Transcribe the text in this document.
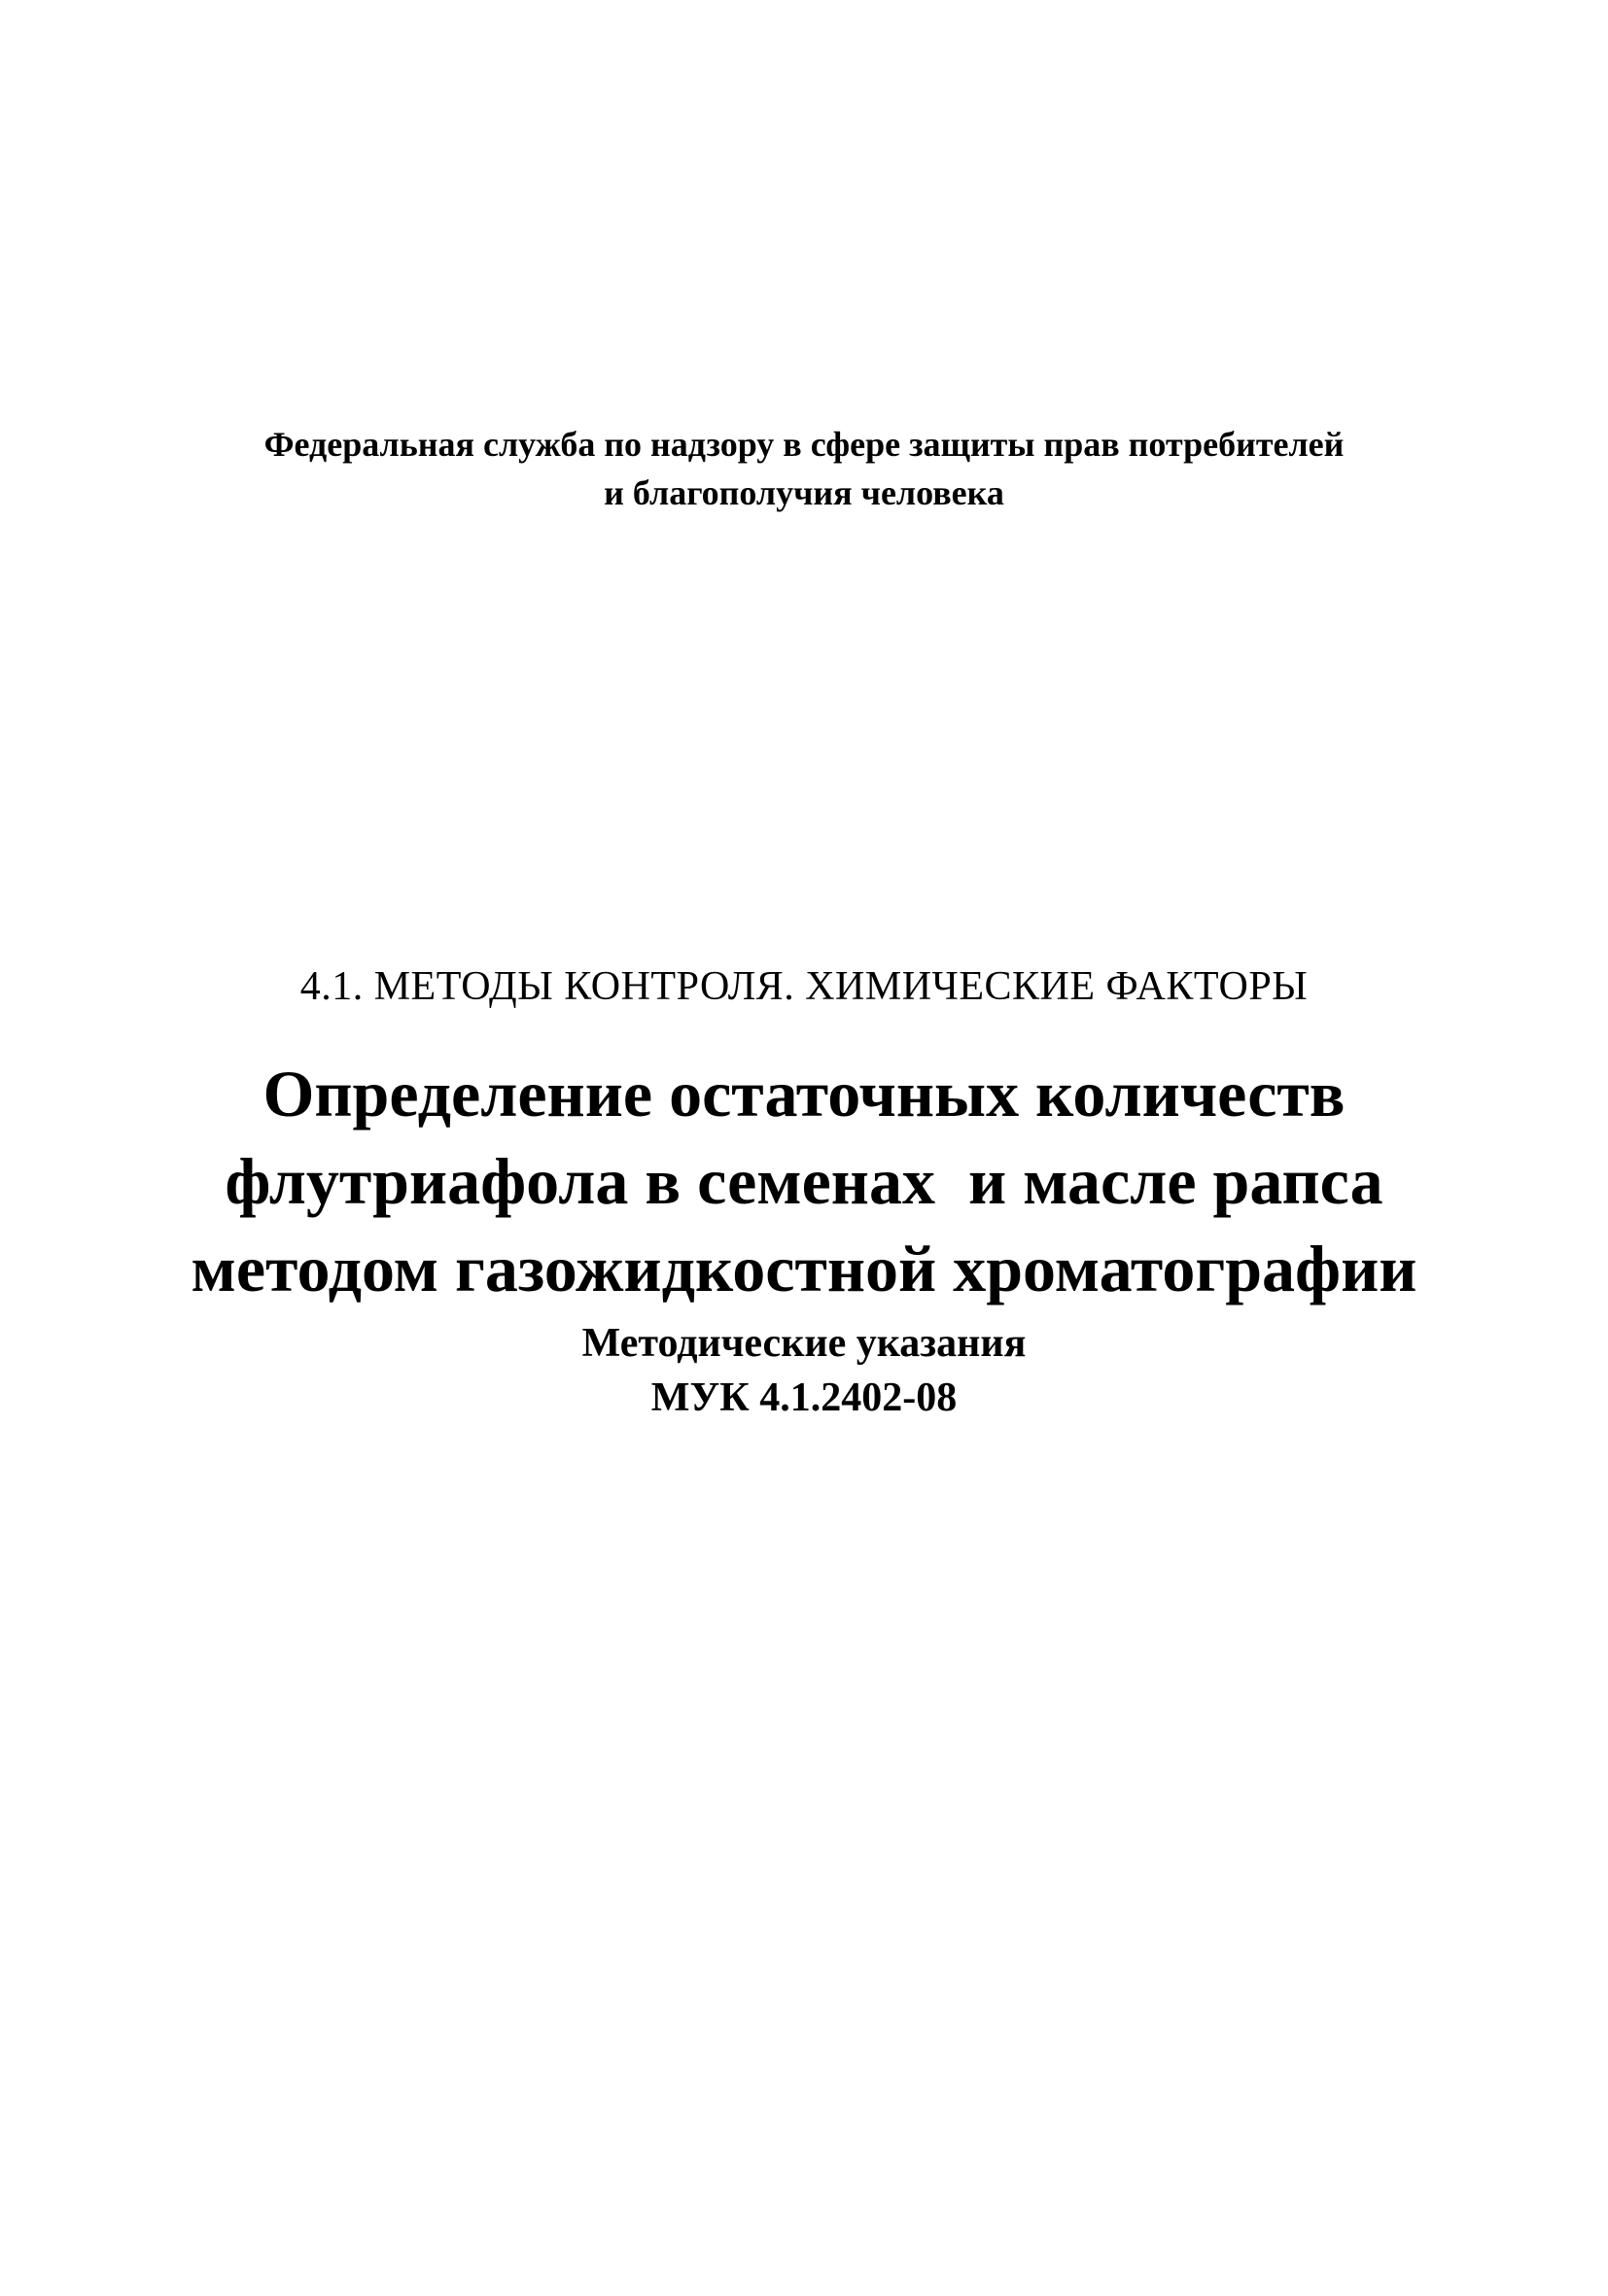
Федеральная служба по надзору в сфере защиты прав потребителей
и благополучия человека
4.1. МЕТОДЫ КОНТРОЛЯ. ХИМИЧЕСКИЕ ФАКТОРЫ
Определение остаточных количеств
флутриафола в семенах  и масле рапса
методом газожидкостной хроматографии
Методические указания
МУК 4.1.2402-08
